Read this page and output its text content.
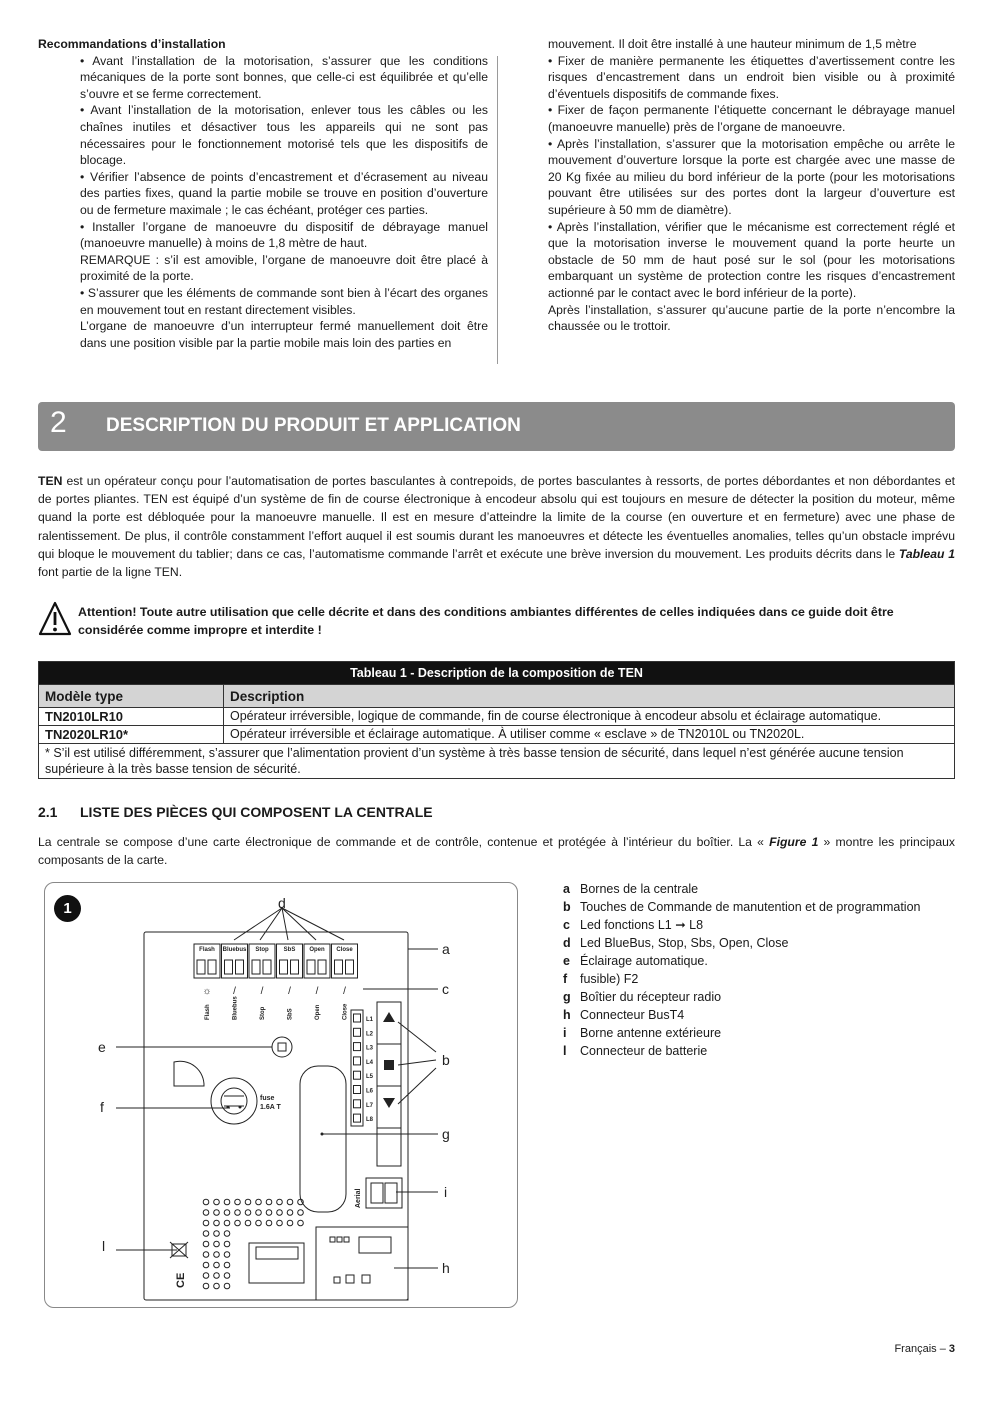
Recommandations d’installation

• Avant l’installation de la motorisation, s’assurer que les conditions mécaniques de la porte sont bonnes, que celle-ci est équilibrée et qu’elle s’ouvre et se ferme correctement.

• Avant l’installation de la motorisation, enlever tous les câbles ou les chaînes inutiles et désactiver tous les appareils qui ne sont pas nécessaires pour le fonctionnement motorisé tels que les dispositifs de blocage.

• Vérifier l’absence de points d’encastrement et d’écrasement au niveau des parties fixes, quand la partie mobile se trouve en position d’ouverture ou de fermeture maximale ; le cas échéant, protéger ces parties.

• Installer l’organe de manoeuvre du dispositif de débrayage manuel (manoeuvre manuelle) à moins de 1,8 mètre de haut.

REMARQUE : s’il est amovible, l’organe de manoeuvre doit être placé à proximité de la porte.

• S’assurer que les éléments de commande sont bien à l’écart des organes en mouvement tout en restant directement visibles.

L’organe de manoeuvre d’un interrupteur fermé manuellement doit être dans une position visible par la partie mobile mais loin des parties en

mouvement. Il doit être installé à une hauteur minimum de 1,5 mètre

• Fixer de manière permanente les étiquettes d’avertissement contre les risques d’encastrement dans un endroit bien visible ou à proximité d’éventuels dispositifs de commande fixes.

• Fixer de façon permanente l’étiquette concernant le débrayage manuel (manoeuvre manuelle) près de l’organe de manoeuvre.

• Après l’installation, s’assurer que la motorisation empêche ou arrête le mouvement d’ouverture lorsque la porte est chargée avec une masse de 20 Kg fixée au milieu du bord inférieur de la porte (pour les motorisations pouvant être utilisées sur des portes dont la largeur d’ouverture est supérieure à 50 mm de diamètre).

• Après l’installation, vérifier que le mécanisme est correctement réglé et que la motorisation inverse le mouvement quand la porte heurte un obstacle de 50 mm de haut posé sur le sol (pour les motorisations embarquant un système de protection contre les risques d’encastrement actionné par le contact avec le bord inférieur de la porte).

Après l’installation, s’assurer qu’aucune partie de la porte n’encombre la chaussée ou le trottoir.

2 DESCRIPTION DU PRODUIT ET APPLICATION
TEN est un opérateur conçu pour l’automatisation de portes basculantes à contrepoids, de portes basculantes à ressorts, de portes débordantes et non débordantes et de portes pliantes. TEN est équipé d’un système de fin de course électronique à encodeur absolu qui est toujours en mesure de détecter la position du moteur, même quand la porte est débloquée pour la manoeuvre manuelle. Il est en mesure d’atteindre la limite de la course (en ouverture et en fermeture) avec une phase de ralentissement. De plus, il contrôle constamment l’effort auquel il est soumis durant les manoeuvres et détecte les éventuelles anomalies, telles qu’un obstacle imprévu qui bloque le mouvement du tablier; dans ce cas, l’automatisme commande l’arrêt et exécute une brève inversion du mouvement. Les produits décrits dans le Tableau 1 font partie de la ligne TEN.
Attention! Toute autre utilisation que celle décrite et dans des conditions ambiantes différentes de celles indiquées dans ce guide doit être considérée comme impropre et interdite !
Tableau 1 - Description de la composition de TEN	
Modèle type	Description
TN2010LR10	Opérateur irréversible, logique de commande, fin de course électronique à encodeur absolu et éclairage automatique.
TN2020LR10*	Opérateur irréversible et éclairage automatique. À utiliser comme « esclave » de TN2010L ou TN2020L.
* S’il est utilisé différemment, s’assurer que l’alimentation provient d’un système à très basse tension de sécurité, dans lequel n’est générée aucune tension supérieure à la très basse tension de sécurité.	
2.1 LISTE DES PIÈCES QUI COMPOSENT LA CENTRALE
La centrale se compose d’une carte électronique de commande et de contrôle, contenue et protégée à l’intérieur du boîtier. La « Figure 1 » montre les principaux composants de la carte.
1
Flash
☼
Bluebus
/
Stop
/
SbS
/
Open
/
Close
/
fuse
1.6A T
Aerial
CE
Flash	Bluebus	Stop	SbS	Open	Close	L1
L2
L3
L4
L5
L6
L7
L8
d
a
c
e
b
f
g
i
l
h
a Bornes de la centrale
b Touches de Commande de manutention et de programmation
c Led fonctions L1 ➞ L8
d Led BlueBus, Stop, Sbs, Open, Close
e Éclairage automatique.
f	fusible) F2
g Boîtier du récepteur radio
h Connecteur BusT4
i	Borne antenne extérieure
l	Connecteur de batterie
Français – 3
